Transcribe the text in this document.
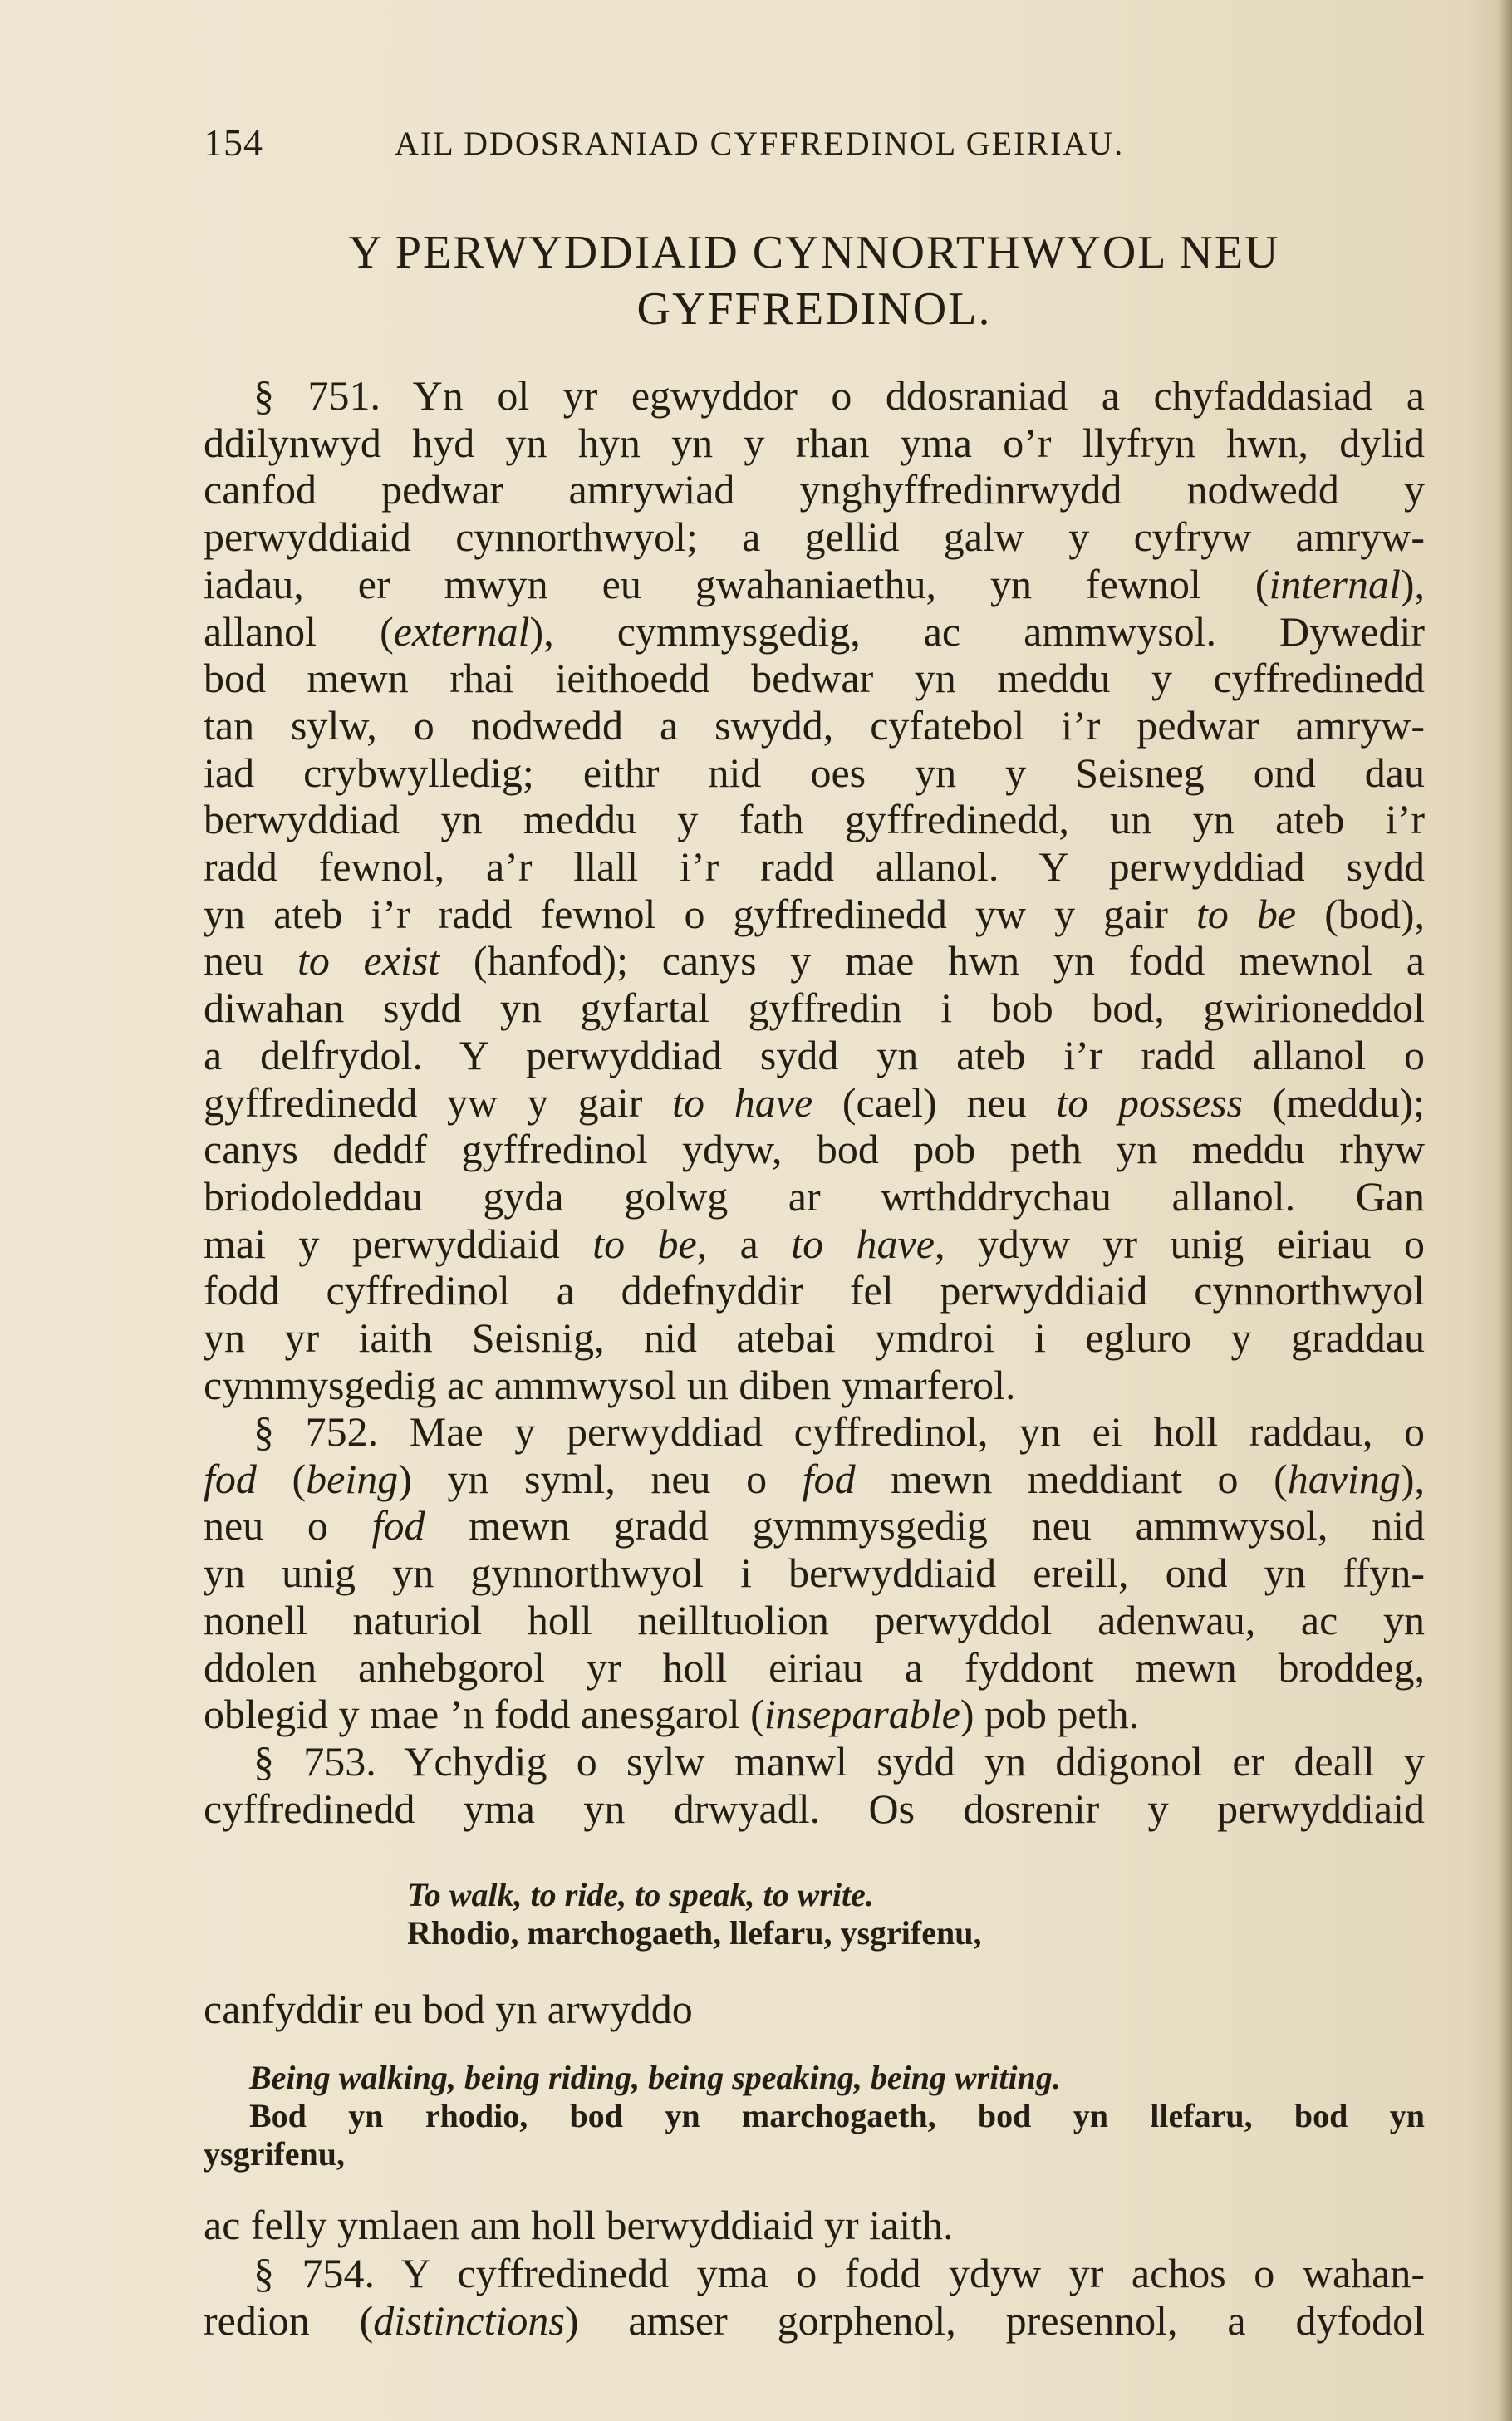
154	AIL DDOSRANIAD CYFFREDINOL GEIRIAU.
Y PERWYDDIAID CYNNORTHWYOL NEU
GYFFREDINOL.
§ 751. Yn ol yr egwyddor o ddosraniad a chyfaddasiad a
ddilynwyd hyd yn hyn yn y rhan yma o’r llyfryn hwn, dylid
canfod pedwar amrywiad ynghyffredinrwydd nodwedd y
perwyddiaid cynnorthwyol; a gellid galw y cyfryw amryw-
iadau, er mwyn eu gwahaniaethu, yn fewnol (internal),
allanol (external), cymmysgedig, ac ammwysol. Dywedir
bod mewn rhai ieithoedd bedwar yn meddu y cyffredinedd
tan sylw, o nodwedd a swydd, cyfatebol i’r pedwar amryw-
iad crybwylledig; eithr nid oes yn y Seisneg ond dau
berwyddiad yn meddu y fath gyffredinedd, un yn ateb i’r
radd fewnol, a’r llall i’r radd allanol. Y perwyddiad sydd
yn ateb i’r radd fewnol o gyffredinedd yw y gair to be (bod),
neu to exist (hanfod); canys y mae hwn yn fodd mewnol a
diwahan sydd yn gyfartal gyffredin i bob bod, gwirioneddol
a delfrydol. Y perwyddiad sydd yn ateb i’r radd allanol o
gyffredinedd yw y gair to have (cael) neu to possess (meddu);
canys deddf gyffredinol ydyw, bod pob peth yn meddu rhyw
briodoleddau gyda golwg ar wrthddrychau allanol. Gan
mai y perwyddiaid to be, a to have, ydyw yr unig eiriau o
fodd cyffredinol a ddefnyddir fel perwyddiaid cynnorthwyol
yn yr iaith Seisnig, nid atebai ymdroi i egluro y graddau
cymmysgedig ac ammwysol un diben ymarferol.
§ 752. Mae y perwyddiad cyffredinol, yn ei holl raddau, o
fod (being) yn syml, neu o fod mewn meddiant o (having),
neu o fod mewn gradd gymmysgedig neu ammwysol, nid
yn unig yn gynnorthwyol i berwyddiaid ereill, ond yn ffyn-
nonell naturiol holl neilltuolion perwyddol adenwau, ac yn
ddolen anhebgorol yr holl eiriau a fyddont mewn broddeg,
oblegid y mae ’n fodd anesgarol (inseparable) pob peth.
§ 753. Ychydig o sylw manwl sydd yn ddigonol er deall y
cyffredinedd yma yn drwyadl. Os dosrenir y perwyddiaid
To walk, to ride, to speak, to write.
Rhodio, marchogaeth, llefaru, ysgrifenu,
canfyddir eu bod yn arwyddo
Being walking, being riding, being speaking, being writing.
Bod yn rhodio, bod yn marchogaeth, bod yn llefaru, bod yn
ysgrifenu,
ac felly ymlaen am holl berwyddiaid yr iaith.
§ 754. Y cyffredinedd yma o fodd ydyw yr achos o wahan-
redion (distinctions) amser gorphenol, presennol, a dyfodol
